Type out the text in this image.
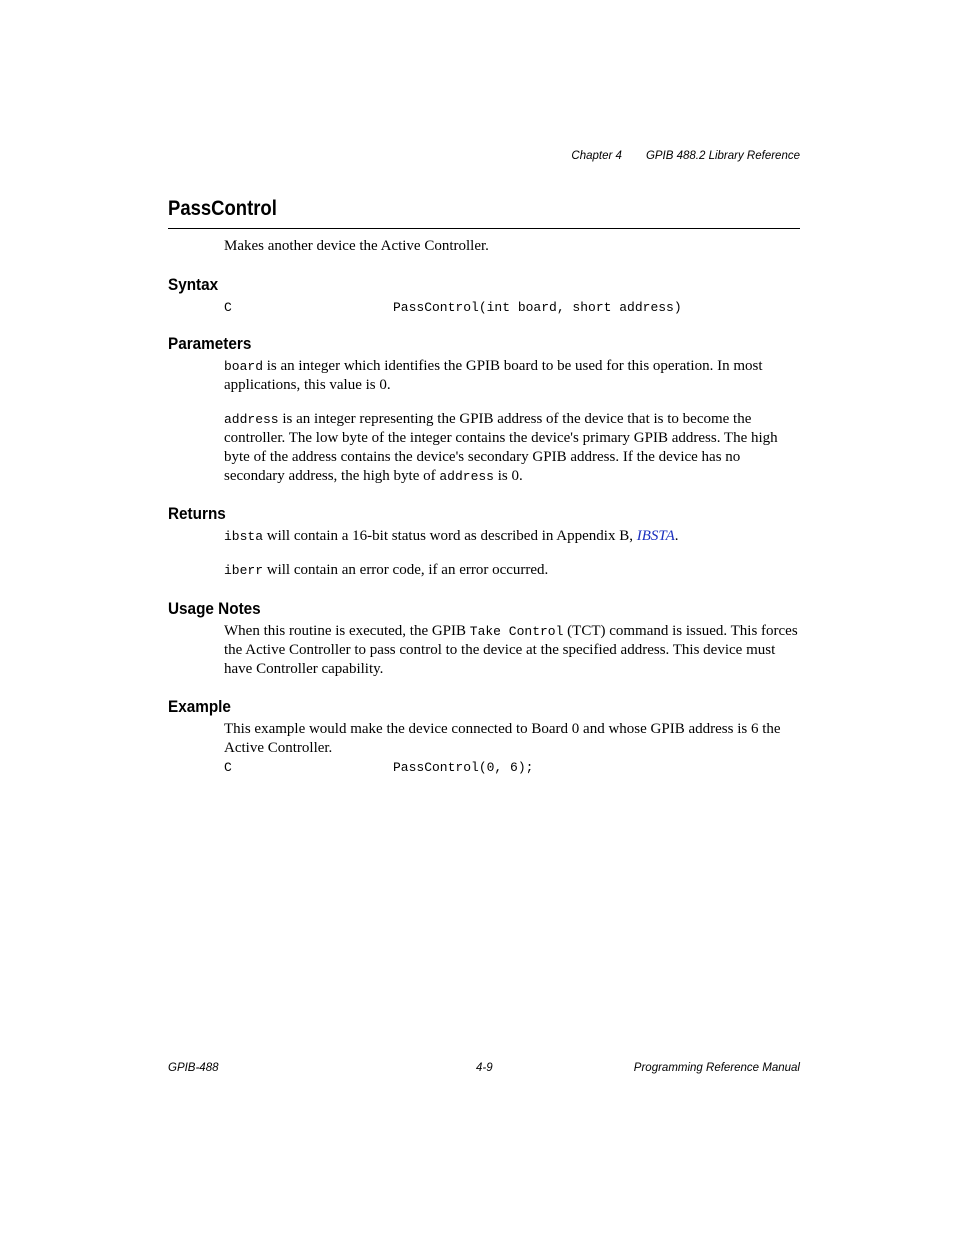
Chapter 4 GPIB 488.2 Library Reference
PassControl

Makes another device the Active Controller.

Syntax
C	PassControl(int board, short address)
Parameters

board is an integer which identifies the GPIB board to be used for this operation. In most applications, this value is 0.

address is an integer representing the GPIB address of the device that is to become the controller. The low byte of the integer contains the device's primary GPIB address. The high byte of the address contains the device's secondary GPIB address. If the device has no secondary address, the high byte of address is 0.

Returns

ibsta will contain a 16-bit status word as described in Appendix B, IBSTA.

iberr will contain an error code, if an error occurred.

Usage Notes

When this routine is executed, the GPIB Take Control (TCT) command is issued. This forces the Active Controller to pass control to the device at the specified address. This device must have Controller capability.

Example

This example would make the device connected to Board 0 and whose GPIB address is 6 the Active Controller.

C	PassControl(0, 6);
GPIB-488	4-9	Programming Reference Manual
